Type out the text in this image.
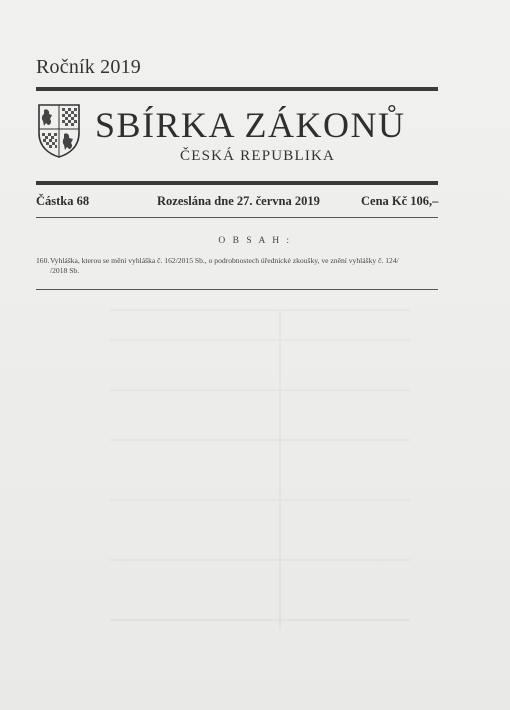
Ročník 2019
SBÍRKA ZÁKONŮ
ČESKÁ REPUBLIKA
Částka 68	Rozeslána dne 27. června 2019	Cena Kč 106,–
O B S A H :
160. Vyhláška, kterou se mění vyhláška č. 162/2015 Sb., o podrobnostech úřednické zkoušky, ve znění vyhlášky č. 124/
/2018 Sb.
